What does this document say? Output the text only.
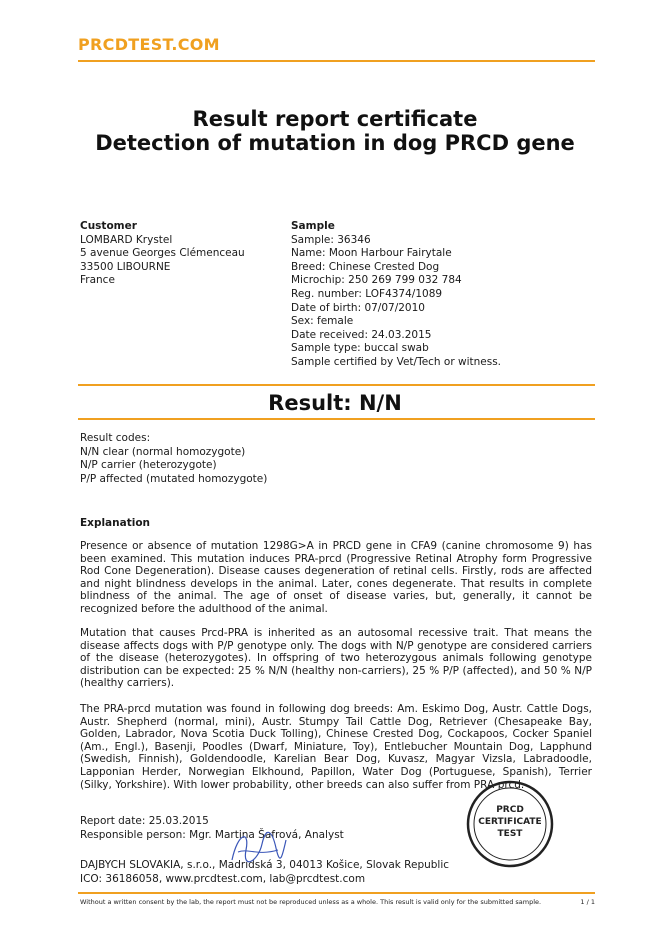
PRCDTEST.COM
Result report certificate
Detection of mutation in dog PRCD gene
Customer
LOMBARD Krystel
5 avenue Georges Clémenceau
33500 LIBOURNE
France
Sample
Sample: 36346
Name: Moon Harbour Fairytale
Breed: Chinese Crested Dog
Microchip: 250 269 799 032 784
Reg. number: LOF4374/1089
Date of birth: 07/07/2010
Sex: female
Date received: 24.03.2015
Sample type: buccal swab
Sample certified by Vet/Tech or witness.
Result: N/N
Result codes:
N/N clear (normal homozygote)
N/P carrier (heterozygote)
P/P affected (mutated homozygote)
Explanation
Presence or absence of mutation 1298G>A in PRCD gene in CFA9 (canine chromosome 9) has been examined. This mutation induces PRA-prcd (Progressive Retinal Atrophy form Progressive Rod Cone Degeneration). Disease causes degeneration of retinal cells. Firstly, rods are affected and night blindness develops in the animal. Later, cones degenerate. That results in complete blindness of the animal. The age of onset of disease varies, but, generally, it cannot be recognized before the adulthood of the animal.
Mutation that causes Prcd-PRA is inherited as an autosomal recessive trait. That means the disease affects dogs with P/P genotype only. The dogs with N/P genotype are considered carriers of the disease (heterozygotes). In offspring of two heterozygous animals following genotype distribution can be expected: 25 % N/N (healthy non-carriers), 25 % P/P (affected), and 50 % N/P (healthy carriers).
The PRA-prcd mutation was found in following dog breeds: Am. Eskimo Dog, Austr. Cattle Dogs, Austr. Shepherd (normal, mini), Austr. Stumpy Tail Cattle Dog, Retriever (Chesapeake Bay, Golden, Labrador, Nova Scotia Duck Tolling), Chinese Crested Dog, Cockapoos, Cocker Spaniel (Am., Engl.), Basenji, Poodles (Dwarf, Miniature, Toy), Entlebucher Mountain Dog, Lapphund (Swedish, Finnish), Goldendoodle, Karelian Bear Dog, Kuvasz, Magyar Vizsla, Labradoodle, Lapponian Herder, Norwegian Elkhound, Papillon, Water Dog (Portuguese, Spanish), Terrier (Silky, Yorkshire). With lower probability, other breeds can also suffer from PRA-prcd.
Report date: 25.03.2015
Responsible person: Mgr. Martina Šafrová, Analyst
DAJBYCH SLOVAKIA, s.r.o., Madridská 3, 04013 Košice, Slovak Republic
ICO: 36186058, www.prcdtest.com, lab@prcdtest.com
PRCD
CERTIFICATE
TEST
Without a written consent by the lab, the report must not be reproduced unless as a whole. This result is valid only for the submitted sample.	1 / 1
